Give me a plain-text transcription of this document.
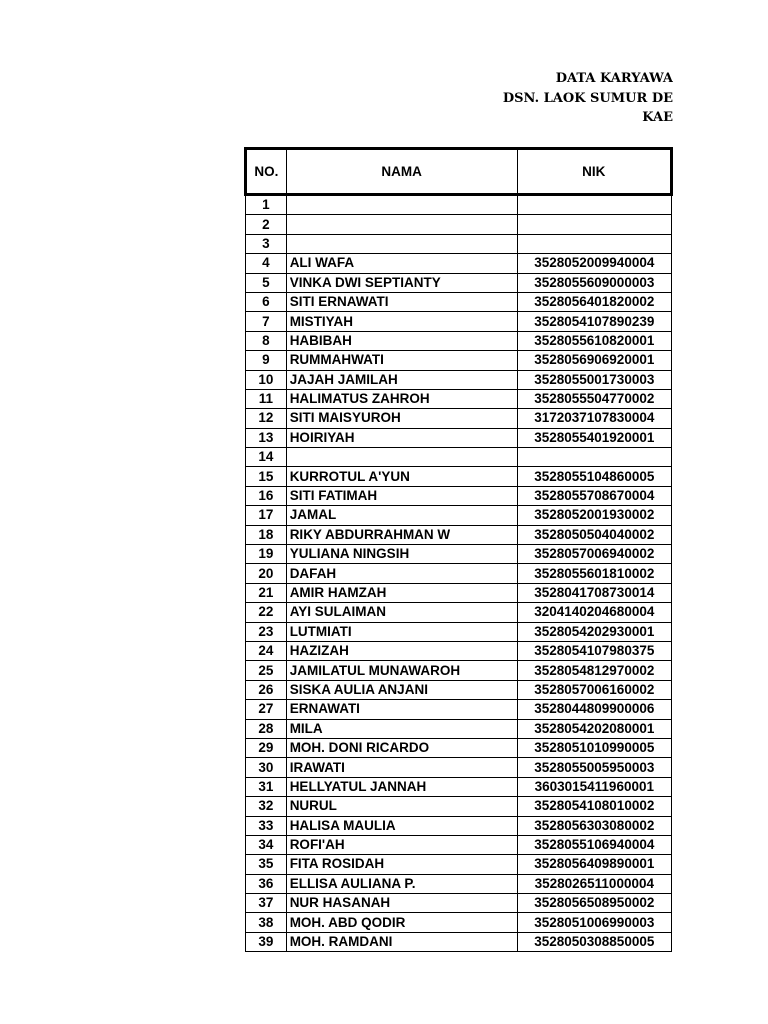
DATA KARYAWA
DSN. LAOK SUMUR DE
KAE
NO.	NAMA	NIK
1		
2		
3		
4	ALI WAFA	3528052009940004
5	VINKA DWI SEPTIANTY	3528055609000003
6	SITI ERNAWATI	3528056401820002
7	MISTIYAH	3528054107890239
8	HABIBAH	3528055610820001
9	RUMMAHWATI	3528056906920001
10	JAJAH JAMILAH	3528055001730003
11	HALIMATUS ZAHROH	3528055504770002
12	SITI MAISYUROH	3172037107830004
13	HOIRIYAH	3528055401920001
14		
15	KURROTUL A'YUN	3528055104860005
16	SITI FATIMAH	3528055708670004
17	JAMAL	3528052001930002
18	RIKY ABDURRAHMAN W	3528050504040002
19	YULIANA NINGSIH	3528057006940002
20	DAFAH	3528055601810002
21	AMIR HAMZAH	3528041708730014
22	AYI SULAIMAN	3204140204680004
23	LUTMIATI	3528054202930001
24	HAZIZAH	3528054107980375
25	JAMILATUL MUNAWAROH	3528054812970002
26	SISKA AULIA ANJANI	3528057006160002
27	ERNAWATI	3528044809900006
28	MILA	3528054202080001
29	MOH. DONI RICARDO	3528051010990005
30	IRAWATI	3528055005950003
31	HELLYATUL JANNAH	3603015411960001
32	NURUL	3528054108010002
33	HALISA MAULIA	3528056303080002
34	ROFI'AH	3528055106940004
35	FITA ROSIDAH	3528056409890001
36	ELLISA AULIANA P.	3528026511000004
37	NUR HASANAH	3528056508950002
38	MOH. ABD QODIR	3528051006990003
39	MOH. RAMDANI	3528050308850005
